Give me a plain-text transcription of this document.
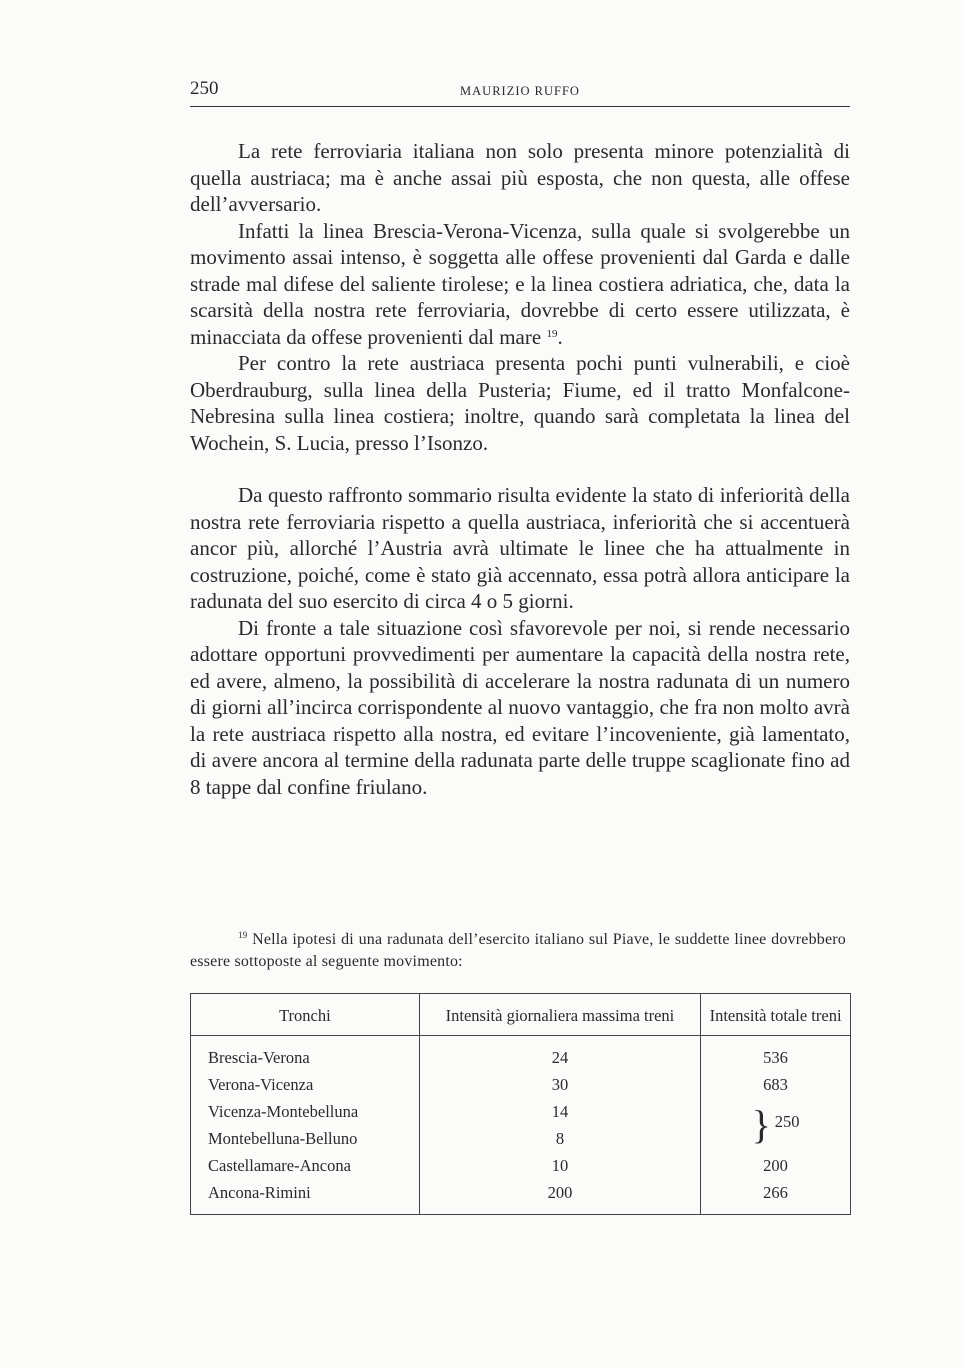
250	MAURIZIO RUFFO

La rete ferroviaria italiana non solo presenta minore potenzialità di quella austriaca; ma è anche assai più esposta, che non questa, alle offese dell’avversario.

Infatti la linea Brescia-Verona-Vicenza, sulla quale si svolgerebbe un movimento assai intenso, è soggetta alle offese provenienti dal Garda e dalle strade mal difese del saliente tirolese; e la linea costiera adriatica, che, data la scarsità della nostra rete ferroviaria, dovrebbe di certo essere utilizzata, è minacciata da offese provenienti dal mare $^{19}$.

Per contro la rete austriaca presenta pochi punti vulnerabili, e cioè Oberdrauburg, sulla linea della Pusteria; Fiume, ed il tratto Monfalcone-Nebresina sulla linea costiera; inoltre, quando sarà completata la linea del Wochein, S. Lucia, presso l’Isonzo.

Da questo raffronto sommario risulta evidente la stato di inferiorità della nostra rete ferroviaria rispetto a quella austriaca, inferiorità che si accentuerà ancor più, allorché l’Austria avrà ultimate le linee che ha attualmente in costruzione, poiché, come è stato già accennato, essa potrà allora anticipare la radunata del suo esercito di circa 4 o 5 giorni.

Di fronte a tale situazione così sfavorevole per noi, si rende necessario adottare opportuni provvedimenti per aumentare la capacità della nostra rete, ed avere, almeno, la possibilità di accelerare la nostra radunata di un numero di giorni all’incirca corrispondente al nuovo vantaggio, che fra non molto avrà la rete austriaca rispetto alla nostra, ed evitare l’incoveniente, già lamentato, di avere ancora al termine della radunata parte delle truppe scaglionate fino ad 8 tappe dal confine friulano.

$^{19}$ Nella ipotesi di una radunata dell’esercito italiano sul Piave, le suddette linee dovrebbero essere sottoposte al seguente movimento:
Tronchi	Intensità giornaliera massima treni	Intensità totale treni
Brescia-Verona	24	536
Verona-Vicenza	30	683
Vicenza-Montebelluna	14	} 250
Montebelluna-Belluno	8	
Castellamare-Ancona	10	200
Ancona-Rimini	200	266
